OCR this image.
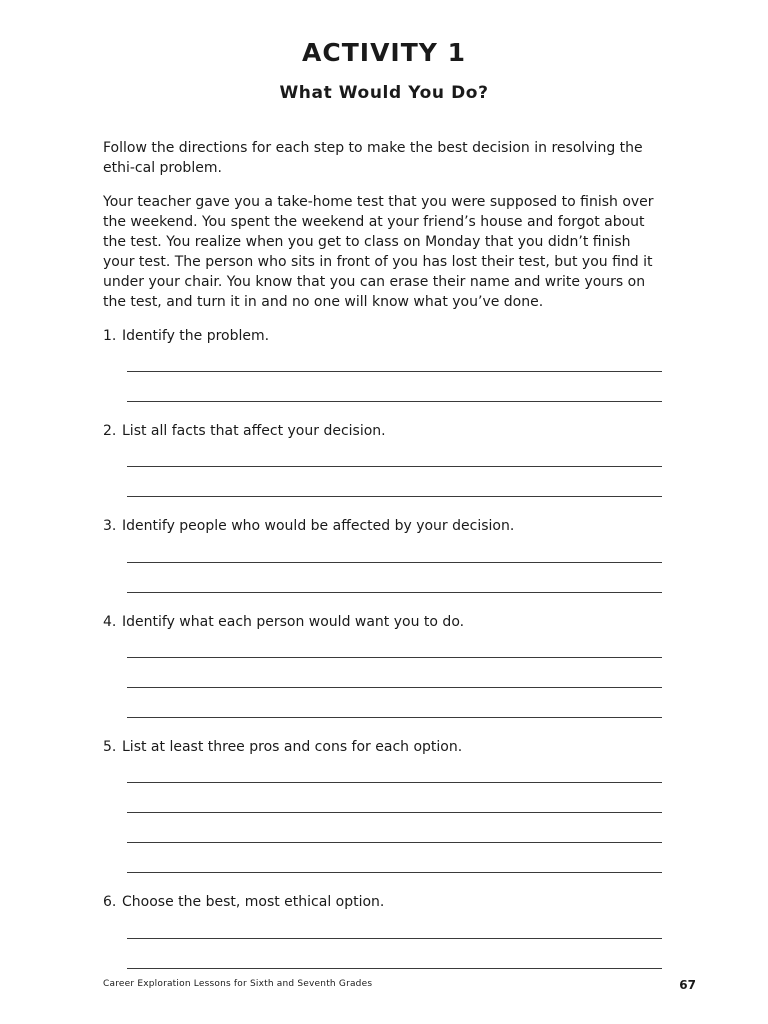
ACTIVITY 1
What Would You Do?

Follow the directions for each step to make the best decision in resolving the ethi-cal problem.

Your teacher gave you a take-home test that you were supposed to finish over the weekend. You spent the weekend at your friend’s house and forgot about the test. You realize when you get to class on Monday that you didn’t finish your test. The person who sits in front of you has lost their test, but you find it under your chair. You know that you can erase their name and write yours on the test, and turn it in and no one will know what you’ve done.

1. Identify the problem.
2. List all facts that affect your decision.
3. Identify people who would be affected by your decision.
4. Identify what each person would want you to do.
5. List at least three pros and cons for each option.
6. Choose the best, most ethical option.
Career Exploration Lessons for Sixth and Seventh Grades	67
